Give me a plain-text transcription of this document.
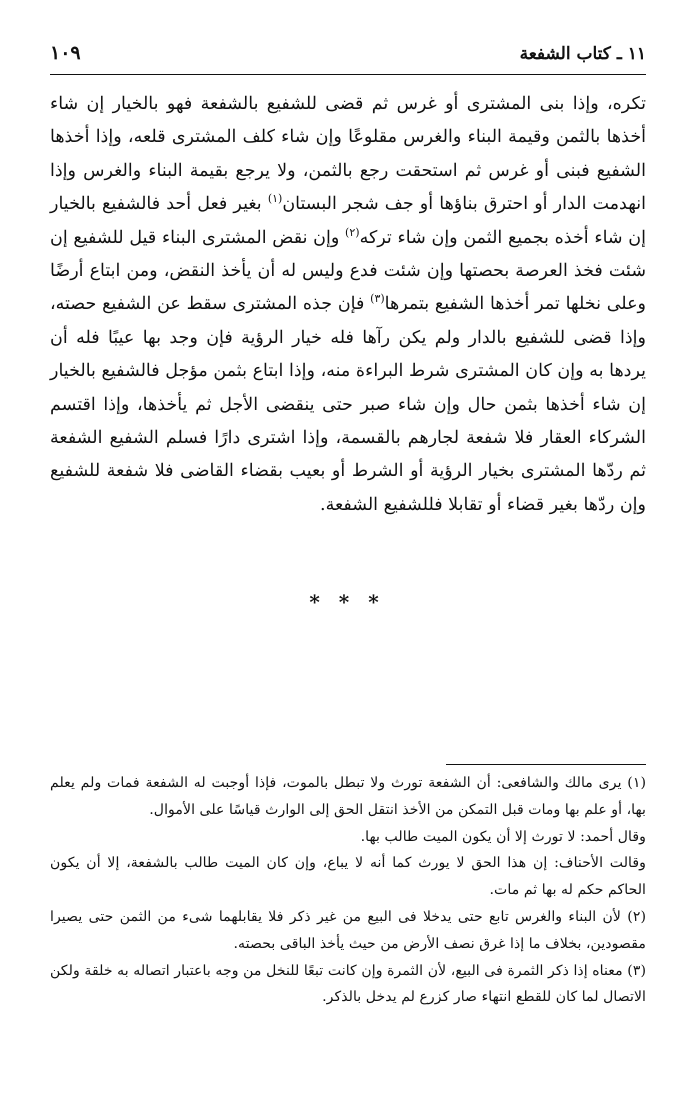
١١ ـ كتاب الشفعة
١٠٩

تكره، وإذا بنى المشترى أو غرس ثم قضى للشفيع بالشفعة فهو بالخيار إن شاء أخذها بالثمن وقيمة البناء والغرس مقلوعًا وإن شاء كلف المشترى قلعه، وإذا أخذها الشفيع فبنى أو غرس ثم استحقت رجع بالثمن، ولا يرجع بقيمة البناء والغرس وإذا انهدمت الدار أو احترق بناؤها أو جف شجر البستان$^{(١)}$ بغير فعل أحد فالشفيع بالخيار إن شاء أخذه بجميع الثمن وإن شاء تركه$^{(٢)}$ وإن نقض المشترى البناء قيل للشفيع إن شئت فخذ العرصة بحصتها وإن شئت فدع وليس له أن يأخذ النقض، ومن ابتاع أرضًا وعلى نخلها تمر أخذها الشفيع بتمرها$^{(٣)}$ فإن جذه المشترى سقط عن الشفيع حصته، وإذا قضى للشفيع بالدار ولم يكن رآها فله خيار الرؤية فإن وجد بها عيبًا فله أن يردها به وإن كان المشترى شرط البراءة منه، وإذا ابتاع بثمن مؤجل فالشفيع بالخيار إن شاء أخذها بثمن حال وإن شاء صبر حتى ينقضى الأجل ثم يأخذها، وإذا اقتسم الشركاء العقار فلا شفعة لجارهم بالقسمة، وإذا اشترى دارًا فسلم الشفيع الشفعة ثم ردّها المشترى بخيار الرؤية أو الشرط أو بعيب بقضاء القاضى فلا شفعة للشفيع وإن ردّها بغير قضاء أو تقابلا فللشفيع الشفعة.

* * *

(١) يرى مالك والشافعى: أن الشفعة تورث ولا تبطل بالموت، فإذا أوجبت له الشفعة فمات ولم يعلم بها، أو علم بها ومات قبل التمكن من الأخذ انتقل الحق إلى الوارث قياسًا على الأموال.

وقال أحمد: لا تورث إلا أن يكون الميت طالب بها.

وقالت الأحناف: إن هذا الحق لا يورث كما أنه لا يباع، وإن كان الميت طالب بالشفعة، إلا أن يكون الحاكم حكم له بها ثم مات.

(٢) لأن البناء والغرس تابع حتى يدخلا فى البيع من غير ذكر فلا يقابلهما شىء من الثمن حتى يصيرا مقصودين، بخلاف ما إذا غرق نصف الأرض من حيث يأخذ الباقى بحصته.

(٣) معناه إذا ذكر الثمرة فى البيع، لأن الثمرة وإن كانت تبعًا للنخل من وجه باعتبار اتصاله به خلقة ولكن الاتصال لما كان للقطع انتهاء صار كزرع لم يدخل بالذكر.
